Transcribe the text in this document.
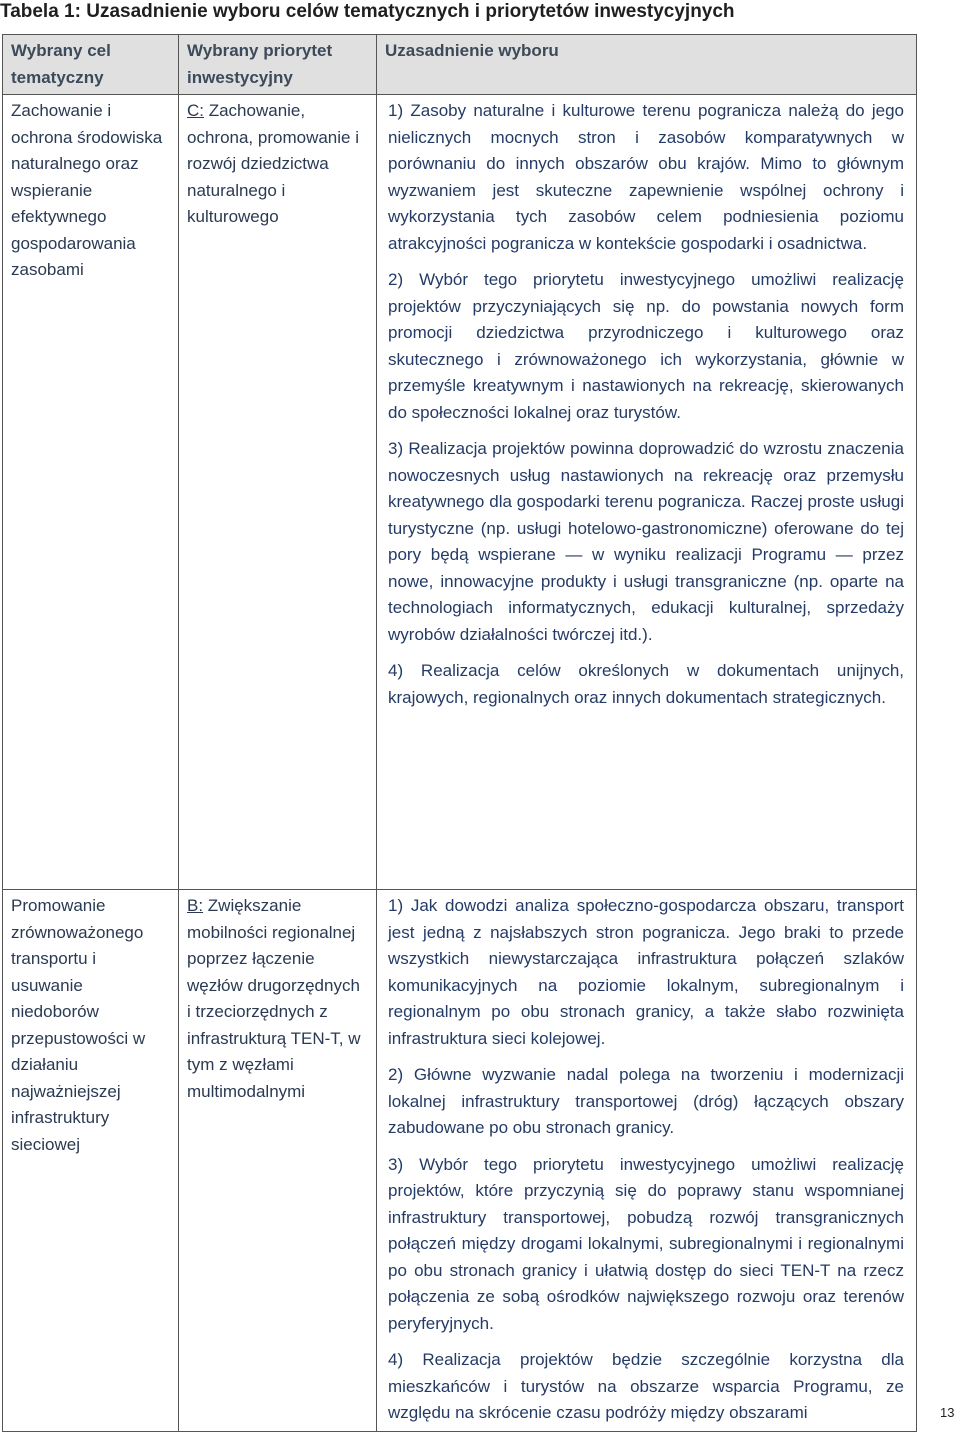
Tabela 1: Uzasadnienie wyboru celów tematycznych i priorytetów inwestycyjnych
Wybrany cel tematyczny	Wybrany priorytet inwestycyjny	Uzasadnienie wyboru
Zachowanie i ochrona środowiska naturalnego oraz wspieranie efektywnego gospodarowania zasobami	C: Zachowanie, ochrona, promowanie i rozwój dziedzictwa naturalnego i kulturowego	1) Zasoby naturalne i kulturowe terenu pogranicza należą do jego nielicznych mocnych stron i zasobów komparatywnych w porównaniu do innych obszarów obu krajów. Mimo to głównym wyzwaniem jest skuteczne zapewnienie wspólnej ochrony i wykorzystania tych zasobów celem podniesienia poziomu atrakcyjności pogranicza w kontekście gospodarki i osadnictwa.

2) Wybór tego priorytetu inwestycyjnego umożliwi realizację projektów przyczyniających się np. do powstania nowych form promocji dziedzictwa przyrodniczego i kulturowego oraz skutecznego i zrównoważonego ich wykorzystania, głównie w przemyśle kreatywnym i nastawionych na rekreację, skierowanych do społeczności lokalnej oraz turystów.

3) Realizacja projektów powinna doprowadzić do wzrostu znaczenia nowoczesnych usług nastawionych na rekreację oraz przemysłu kreatywnego dla gospodarki terenu pogranicza. Raczej proste usługi turystyczne (np. usługi hotelowo-gastronomiczne) oferowane do tej pory będą wspierane — w wyniku realizacji Programu — przez nowe, innowacyjne produkty i usługi transgraniczne (np. oparte na technologiach informatycznych, edukacji kulturalnej, sprzedaży wyrobów działalności twórczej itd.).

4) Realizacja celów określonych w dokumentach unijnych, krajowych, regionalnych oraz innych dokumentach strategicznych.

Promowanie zrównoważonego transportu i usuwanie niedoborów przepustowości w działaniu najważniejszej infrastruktury sieciowej	B: Zwiększanie mobilności regionalnej poprzez łączenie węzłów drugorzędnych i trzeciorzędnych z infrastrukturą TEN-T, w tym z węzłami multimodalnymi	1) Jak dowodzi analiza społeczno-gospodarcza obszaru, transport jest jedną z najsłabszych stron pogranicza. Jego braki to przede wszystkich niewystarczająca infrastruktura połączeń szlaków komunikacyjnych na poziomie lokalnym, subregionalnym i regionalnym po obu stronach granicy, a także słabo rozwinięta infrastruktura sieci kolejowej.

2) Główne wyzwanie nadal polega na tworzeniu i modernizacji lokalnej infrastruktury transportowej (dróg) łączących obszary zabudowane po obu stronach granicy.

3) Wybór tego priorytetu inwestycyjnego umożliwi realizację projektów, które przyczynią się do poprawy stanu wspomnianej infrastruktury transportowej, pobudzą rozwój transgranicznych połączeń między drogami lokalnymi, subregionalnymi i regionalnymi po obu stronach granicy i ułatwią dostęp do sieci TEN-T na rzecz połączenia ze sobą ośrodków największego rozwoju oraz terenów peryferyjnych.

4) Realizacja projektów będzie szczególnie korzystna dla mieszkańców i turystów na obszarze wsparcia Programu, ze względu na skrócenie czasu podróży między obszarami	13
